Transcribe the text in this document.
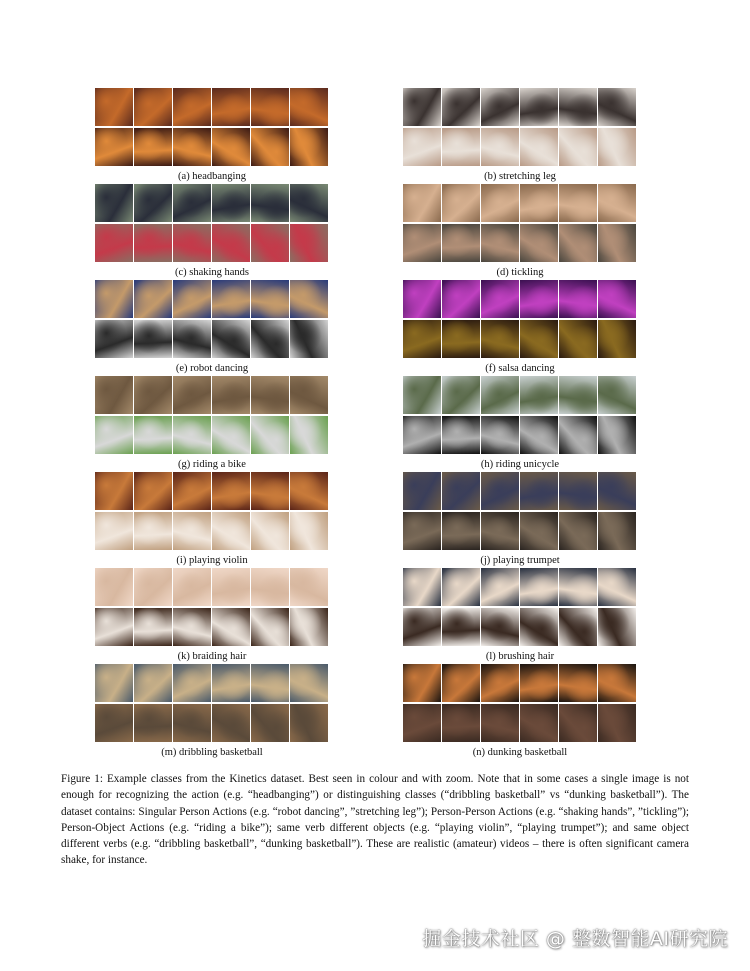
(a) headbanging	(b) stretching leg
(c) shaking hands	(d) tickling
(e) robot dancing	(f) salsa dancing
(g) riding a bike	(h) riding unicycle
(i) playing violin	(j) playing trumpet
(k) braiding hair	(l) brushing hair
(m) dribbling basketball	(n) dunking basketball
Figure 1: Example classes from the Kinetics dataset. Best seen in colour and with zoom. Note that in some cases a single image is not enough for recognizing the action (e.g. “headbanging”) or distinguishing classes (“dribbling basketball” vs “dunking basketball”). The dataset contains: Singular Person Actions (e.g. “robot dancing”, ”stretching leg”); Person-Person Actions (e.g. “shaking hands”, ”tickling”); Person-Object Actions (e.g. “riding a bike”); same verb different objects (e.g. “playing violin”, “playing trumpet”); and same object different verbs (e.g. “dribbling basketball”, “dunking basketball”). These are realistic (amateur) videos – there is often significant camera shake, for instance.
掘金技术社区 @ 整数智能AI研究院
